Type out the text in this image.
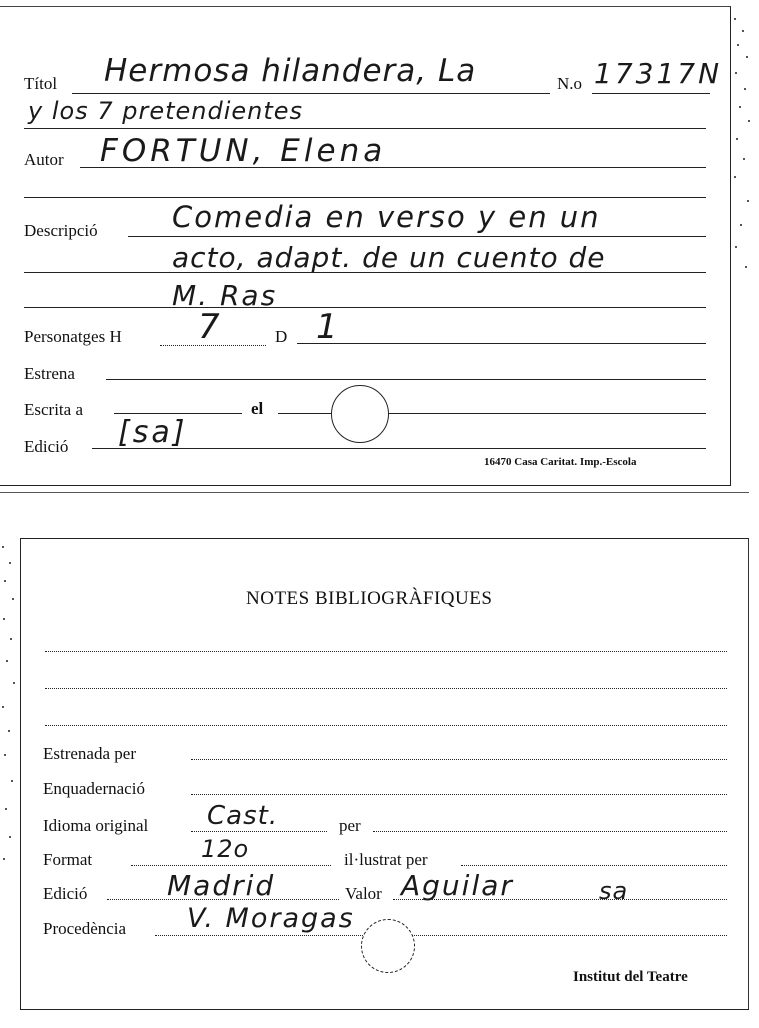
Títol Hermosa hilandera, La	N.o 17317N
y los 7 pretendientes
Autor FORTUN, Elena
Descripció	Comedia en verso y en un
acto, adapt. de un cuento de
M. Ras
Personatges H 7	D 1
Estrena
Escrita a	el
Edició [sa]
16470 Casa Caritat. Imp.-Escola
NOTES BIBLIOGRÀFIQUES
Estrenada per
Enquadernació
Idioma original Cast.	per
Format	12o	il·lustrat per
Edició	Madrid	Valor Aguilar	sa
Procedència V. Moragas
Institut del Teatre
